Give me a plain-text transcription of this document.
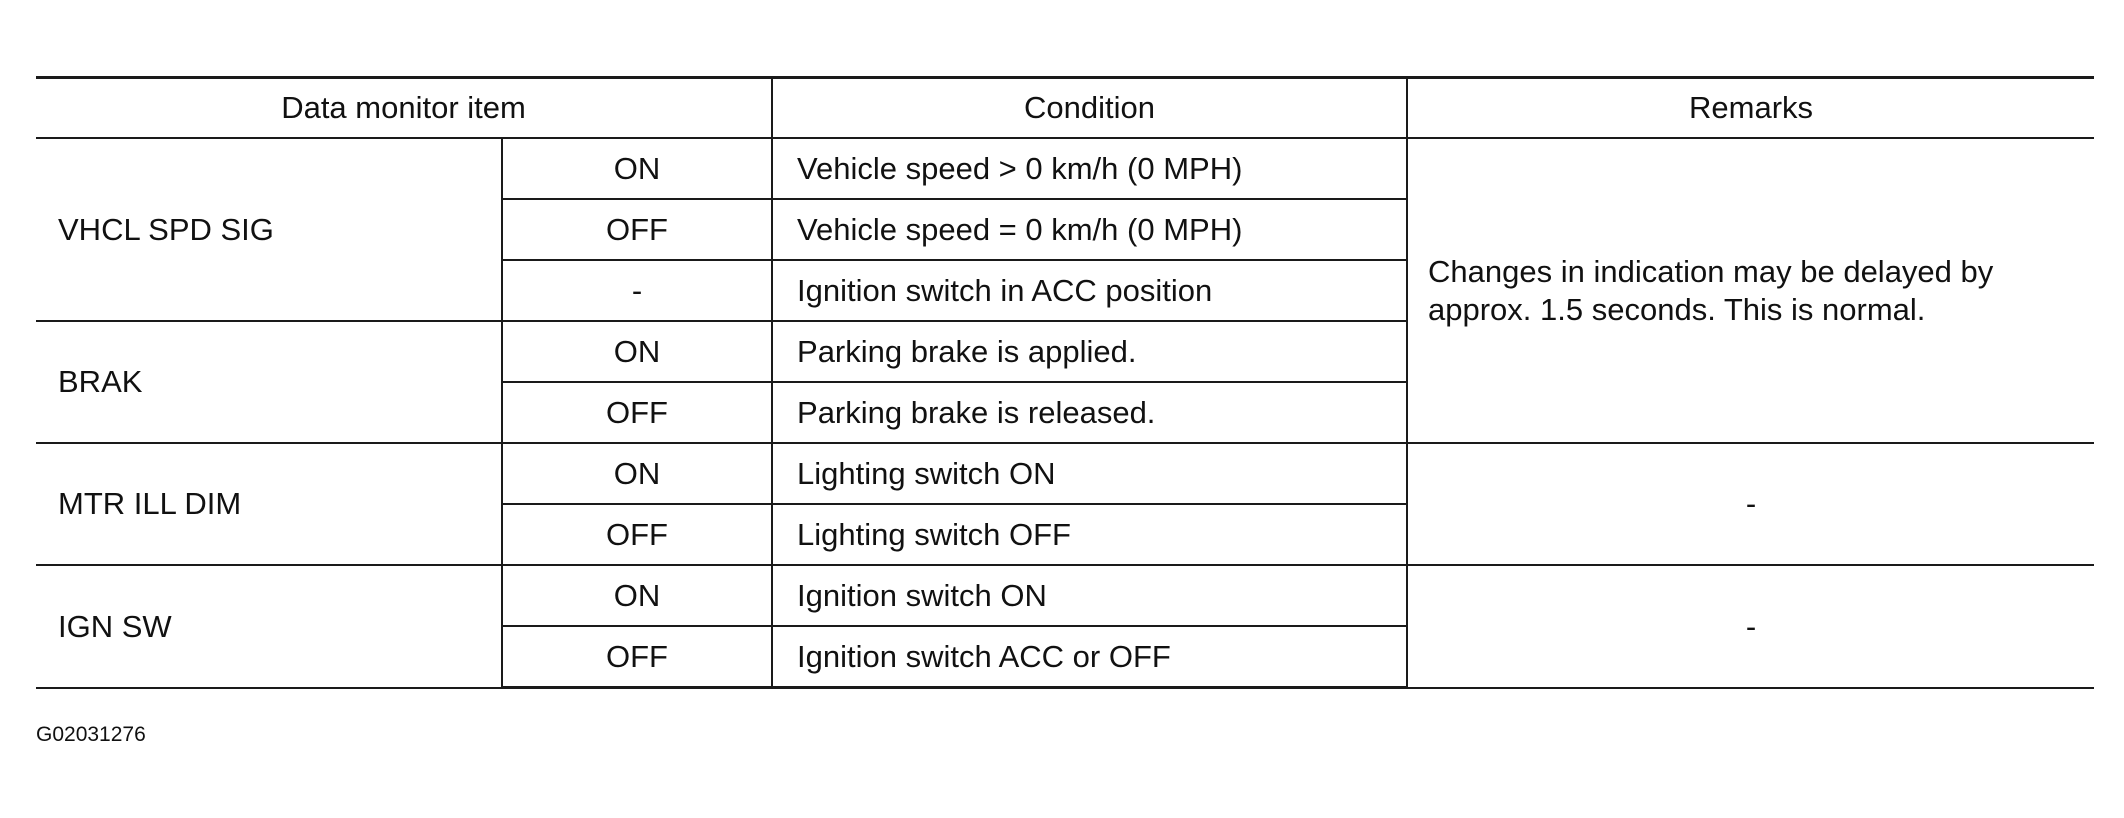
Data monitor item		Condition	Remarks
VHCL SPD SIG	ON	Vehicle speed > 0 km/h (0 MPH)	Changes in indication may be delayed by approx. 1.5 seconds. This is normal.
	OFF	Vehicle speed = 0 km/h (0 MPH)	
	-	Ignition switch in ACC position	
BRAK	ON	Parking brake is applied.	
	OFF	Parking brake is released.	
MTR ILL DIM	ON	Lighting switch ON	-
	OFF	Lighting switch OFF	
IGN SW	ON	Ignition switch ON	-
	OFF	Ignition switch ACC or OFF	
G02031276
